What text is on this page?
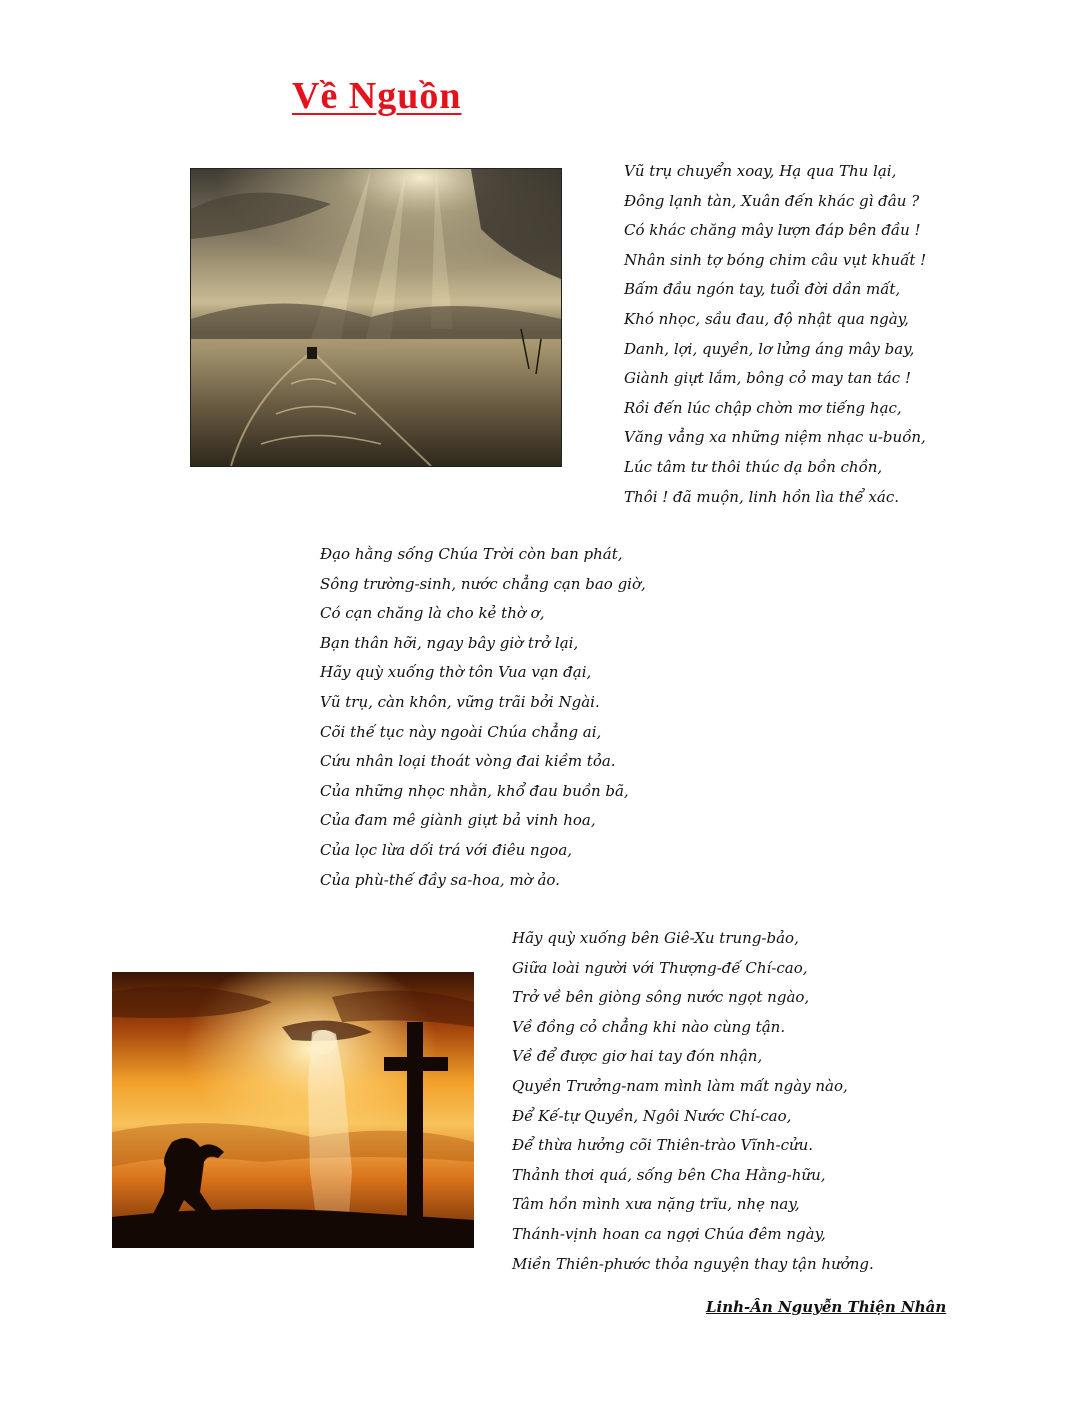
Về Nguồn
Vũ trụ chuyển xoay, Hạ qua Thu lại,
Đông lạnh tàn, Xuân đến khác gì đâu ?
Có khác chăng mây lượn đáp bên đầu !
Nhân sinh tợ bóng chim câu vụt khuất !
Bấm đầu ngón tay, tuổi đời dần mất,
Khó nhọc, sầu đau, độ nhật qua ngày,
Danh, lợi, quyền, lơ lửng áng mây bay,
Giành giựt lắm, bông cỏ may tan tác !
Rồi đến lúc chập chờn mơ tiếng hạc,
Văng vẳng xa những niệm nhạc u-buồn,
Lúc tâm tư thôi thúc dạ bồn chồn,
Thôi ! đã muộn, linh hồn lìa thể xác.
Đạo hằng sống Chúa Trời còn ban phát,
Sông trường-sinh, nước chẳng cạn bao giờ,
Có cạn chăng là cho kẻ thờ ơ,
Bạn thân hỡi, ngay bây giờ trở lại,
Hãy quỳ xuống thờ tôn Vua vạn đại,
Vũ trụ, càn khôn, vững trãi bởi Ngài.
Cõi thế tục này ngoài Chúa chẳng ai,
Cứu nhân loại thoát vòng đai kiềm tỏa.
Của những nhọc nhằn, khổ đau buồn bã,
Của đam mê giành giựt bả vinh hoa,
Của lọc lừa dối trá với điêu ngoa,
Của phù-thế đầy sa-hoa, mờ ảo.
Hãy quỳ xuống bên Giê-Xu trung-bảo,
Giữa loài người với Thượng-đế Chí-cao,
Trở về bên giòng sông nước ngọt ngào,
Về đồng cỏ chẳng khi nào cùng tận.
Về để được giơ hai tay đón nhận,
Quyền Trưởng-nam mình làm mất ngày nào,
Để Kế-tự Quyền, Ngôi Nước Chí-cao,
Để thừa hưởng cõi Thiên-trào Vĩnh-cửu.
Thảnh thơi quá, sống bên Cha Hằng-hữu,
Tâm hồn mình xưa nặng trĩu, nhẹ nay,
Thánh-vịnh hoan ca ngợi Chúa đêm ngày,
Miền Thiên-phước thỏa nguyện thay tận hưởng.
Linh-Ân Nguyễn Thiện Nhân
